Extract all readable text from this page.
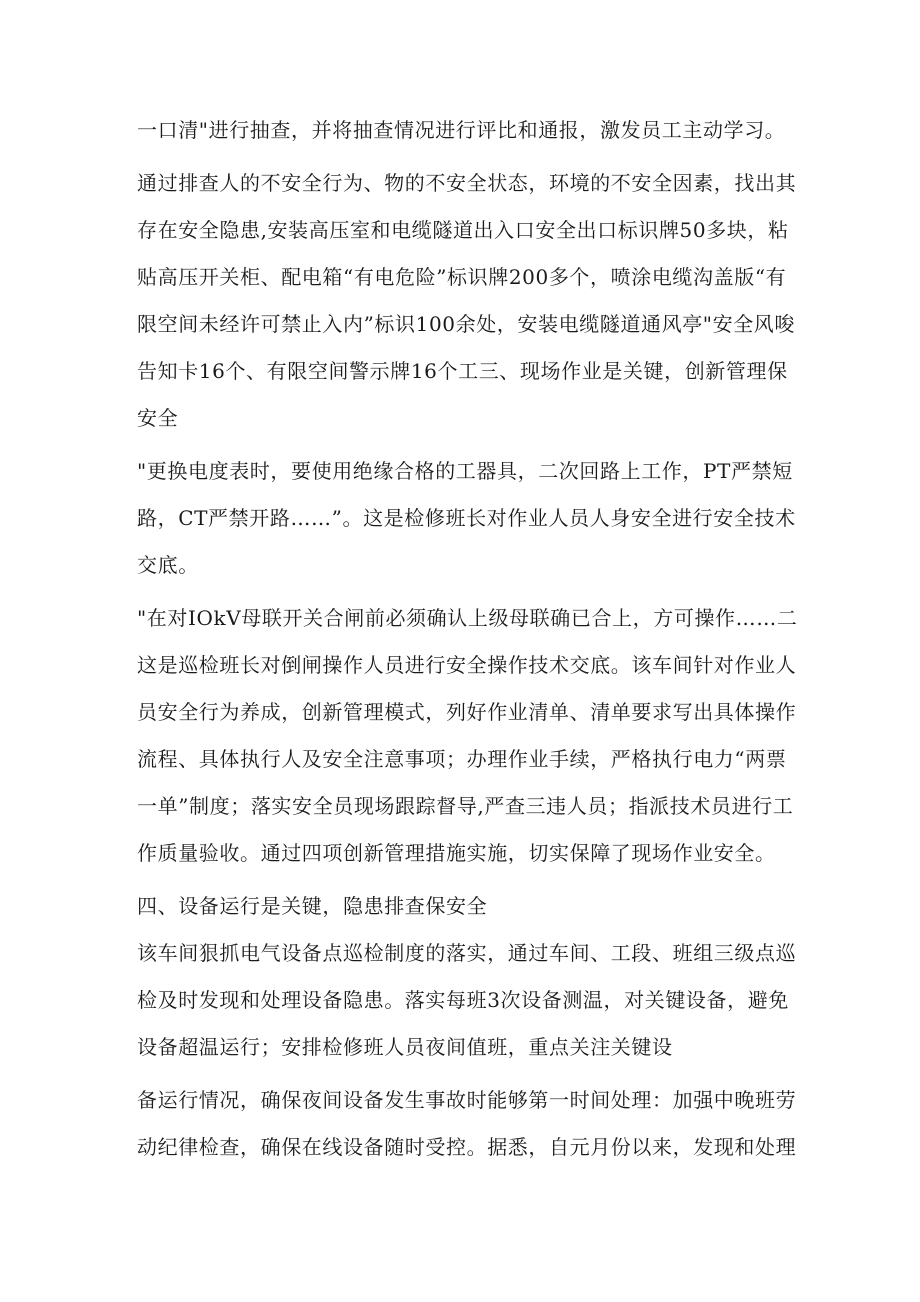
一口清"进行抽查，并将抽查情况进行评比和通报，激发员工主动学习。
通过排查人的不安全行为、物的不安全状态，环境的不安全因素，找出其
存在安全隐患,安装高压室和电缆隧道出入口安全出口标识牌50多块，粘
贴高压开关柜、配电箱“有电危险”标识牌200多个，喷涂电缆沟盖版“有
限空间未经许可禁止入内”标识100余处，安装电缆隧道通风亭"安全风唆
告知卡16个、有限空间警示牌16个工三、现场作业是关键，创新管理保
安全
"更换电度表时，要使用绝缘合格的工器具，二次回路上工作，PT严禁短
路，CT严禁开路……”。这是检修班长对作业人员人身安全进行安全技术
交底。
"在对IOkV母联开关合闸前必须确认上级母联确已合上，方可操作……二
这是巡检班长对倒闸操作人员进行安全操作技术交底。该车间针对作业人
员安全行为养成，创新管理模式，列好作业清单、清单要求写出具体操作
流程、具体执行人及安全注意事项；办理作业手续，严格执行电力“两票
一单”制度；落实安全员现场跟踪督导,严查三违人员；指派技术员进行工
作质量验收。通过四项创新管理措施实施，切实保障了现场作业安全。
四、设备运行是关键，隐患排查保安全
该车间狠抓电气设备点巡检制度的落实，通过车间、工段、班组三级点巡
检及时发现和处理设备隐患。落实每班3次设备测温，对关键设备，避免
设备超温运行；安排检修班人员夜间值班，重点关注关键设
备运行情况，确保夜间设备发生事故时能够第一时间处理：加强中晚班劳
动纪律检查，确保在线设备随时受控。据悉，自元月份以来，发现和处理
